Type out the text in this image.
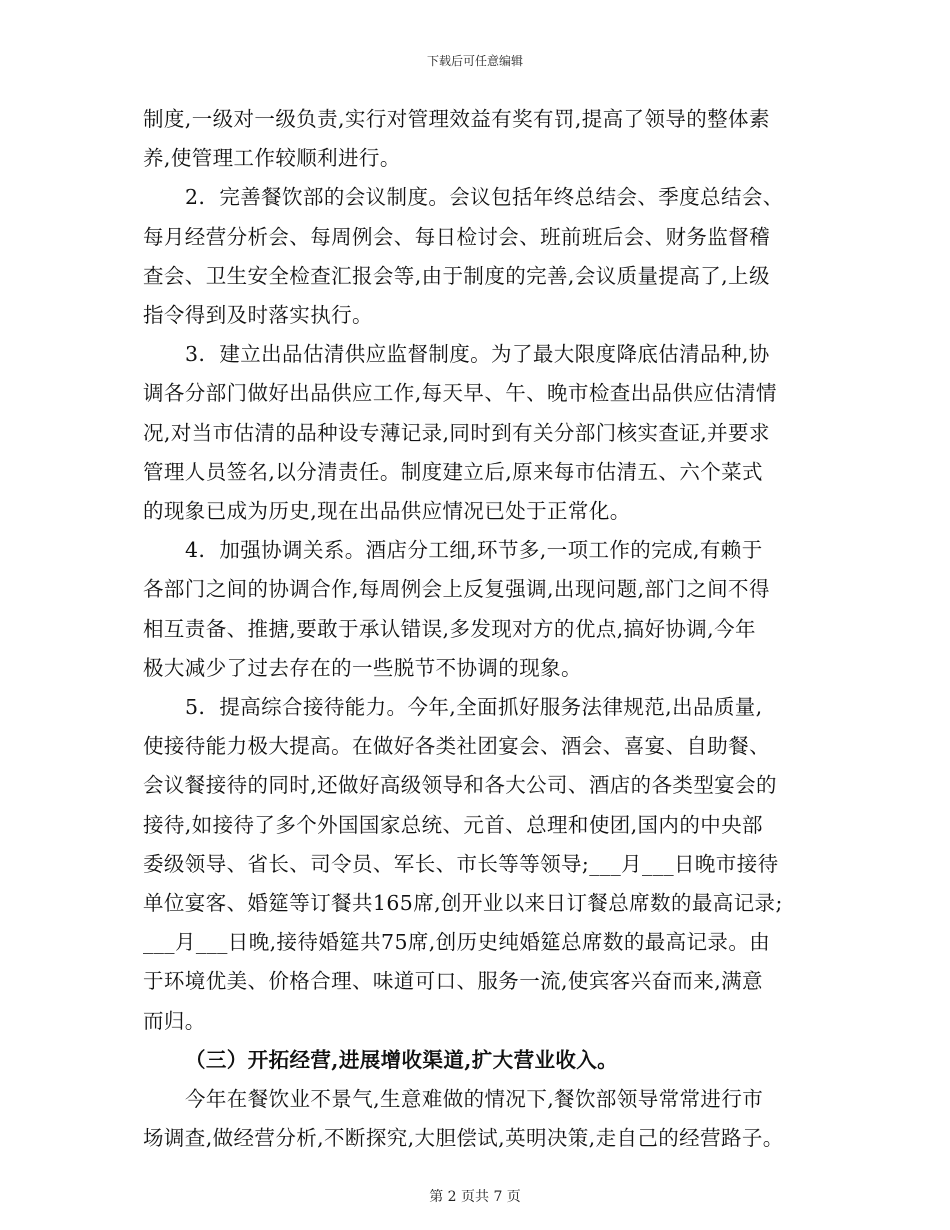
下载后可任意编辑
制度,一级对一级负责,实行对管理效益有奖有罚,提高了领导的整体素
养,使管理工作较顺利进行。
2．完善餐饮部的会议制度。会议包括年终总结会、季度总结会、
每月经营分析会、每周例会、每日检讨会、班前班后会、财务监督稽
查会、卫生安全检查汇报会等,由于制度的完善,会议质量提高了,上级
指令得到及时落实执行。
3．建立出品估清供应监督制度。为了最大限度降底估清品种,协
调各分部门做好出品供应工作,每天早、午、晚市检查出品供应估清情
况,对当市估清的品种设专薄记录,同时到有关分部门核实查证,并要求
管理人员签名,以分清责任。制度建立后,原来每市估清五、六个菜式
的现象已成为历史,现在出品供应情况已处于正常化。
4．加强协调关系。酒店分工细,环节多,一项工作的完成,有赖于
各部门之间的协调合作,每周例会上反复强调,出现问题,部门之间不得
相互责备、推搪,要敢于承认错误,多发现对方的优点,搞好协调,今年
极大减少了过去存在的一些脱节不协调的现象。
5．提高综合接待能力。今年,全面抓好服务法律规范,出品质量,
使接待能力极大提高。在做好各类社团宴会、酒会、喜宴、自助餐、
会议餐接待的同时,还做好高级领导和各大公司、酒店的各类型宴会的
接待,如接待了多个外国国家总统、元首、总理和使团,国内的中央部
委级领导、省长、司令员、军长、市长等等领导;___月___日晚市接待
单位宴客、婚筵等订餐共165席,创开业以来日订餐总席数的最高记录;
___月___日晚,接待婚筵共75席,创历史纯婚筵总席数的最高记录。由
于环境优美、价格合理、味道可口、服务一流,使宾客兴奋而来,满意
而归。
（三）开拓经营,进展增收渠道,扩大营业收入。
今年在餐饮业不景气,生意难做的情况下,餐饮部领导常常进行市
场调查,做经营分析,不断探究,大胆偿试,英明决策,走自己的经营路子。
第 2 页共 7 页
